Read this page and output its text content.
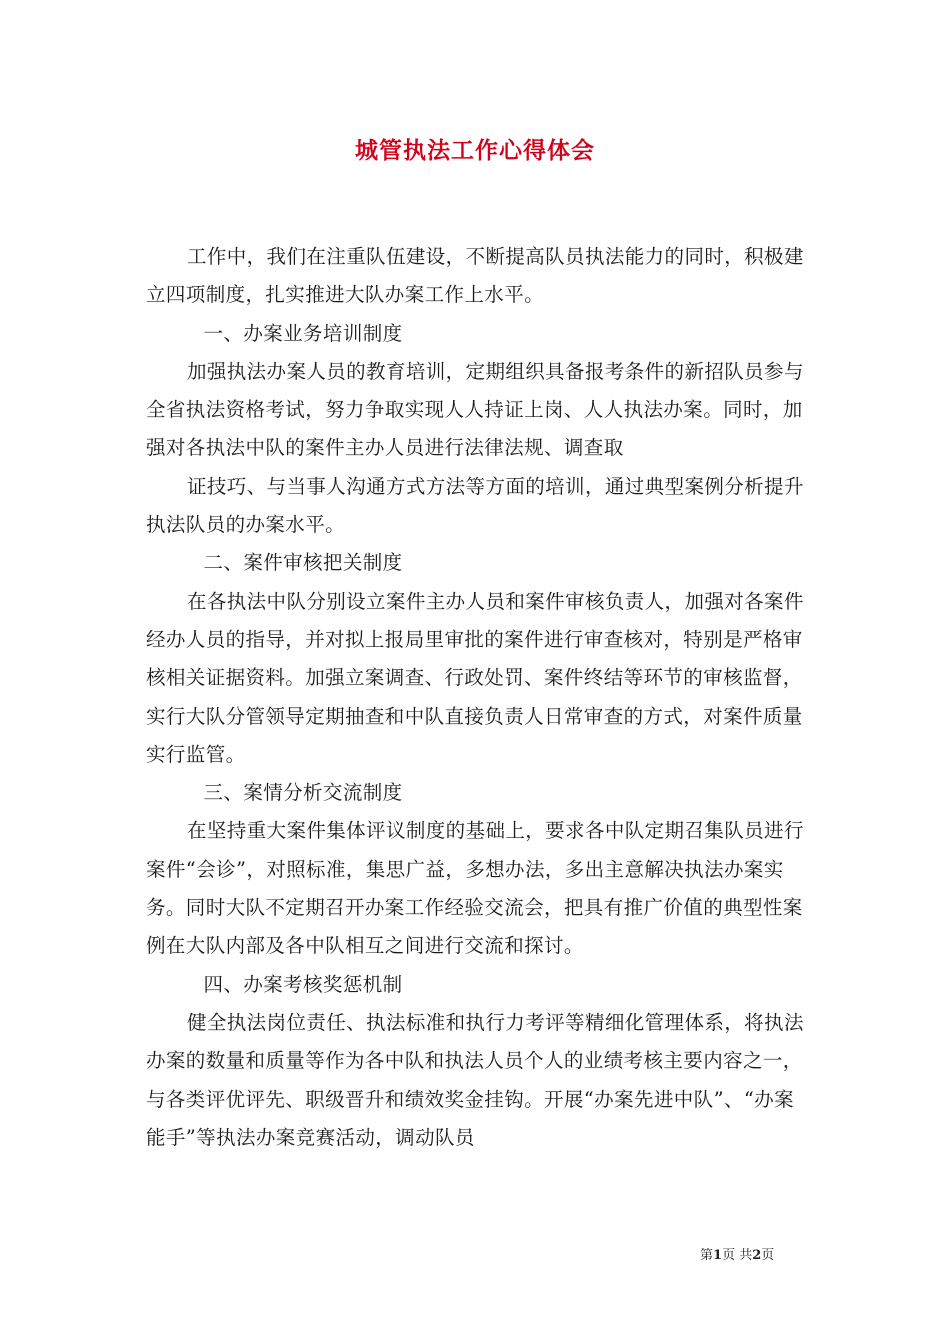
城管执法工作心得体会

工作中，我们在注重队伍建设，不断提高队员执法能力的同时，积极建立四项制度，扎实推进大队办案工作上水平。

一、办案业务培训制度

加强执法办案人员的教育培训，定期组织具备报考条件的新招队员参与全省执法资格考试，努力争取实现人人持证上岗、人人执法办案。同时，加强对各执法中队的案件主办人员进行法律法规、调查取

证技巧、与当事人沟通方式方法等方面的培训，通过典型案例分析提升执法队员的办案水平。

二、案件审核把关制度

在各执法中队分别设立案件主办人员和案件审核负责人，加强对各案件经办人员的指导，并对拟上报局里审批的案件进行审查核对，特别是严格审核相关证据资料。加强立案调查、行政处罚、案件终结等环节的审核监督，实行大队分管领导定期抽查和中队直接负责人日常审查的方式，对案件质量实行监管。

三、案情分析交流制度

在坚持重大案件集体评议制度的基础上，要求各中队定期召集队员进行案件“会诊”，对照标准，集思广益，多想办法，多出主意解决执法办案实务。同时大队不定期召开办案工作经验交流会，把具有推广价值的典型性案例在大队内部及各中队相互之间进行交流和探讨。

四、办案考核奖惩机制

健全执法岗位责任、执法标准和执行力考评等精细化管理体系，将执法办案的数量和质量等作为各中队和执法人员个人的业绩考核主要内容之一，与各类评优评先、职级晋升和绩效奖金挂钩。开展“办案先进中队”、“办案能手”等执法办案竞赛活动，调动队员

第1页 共2页
